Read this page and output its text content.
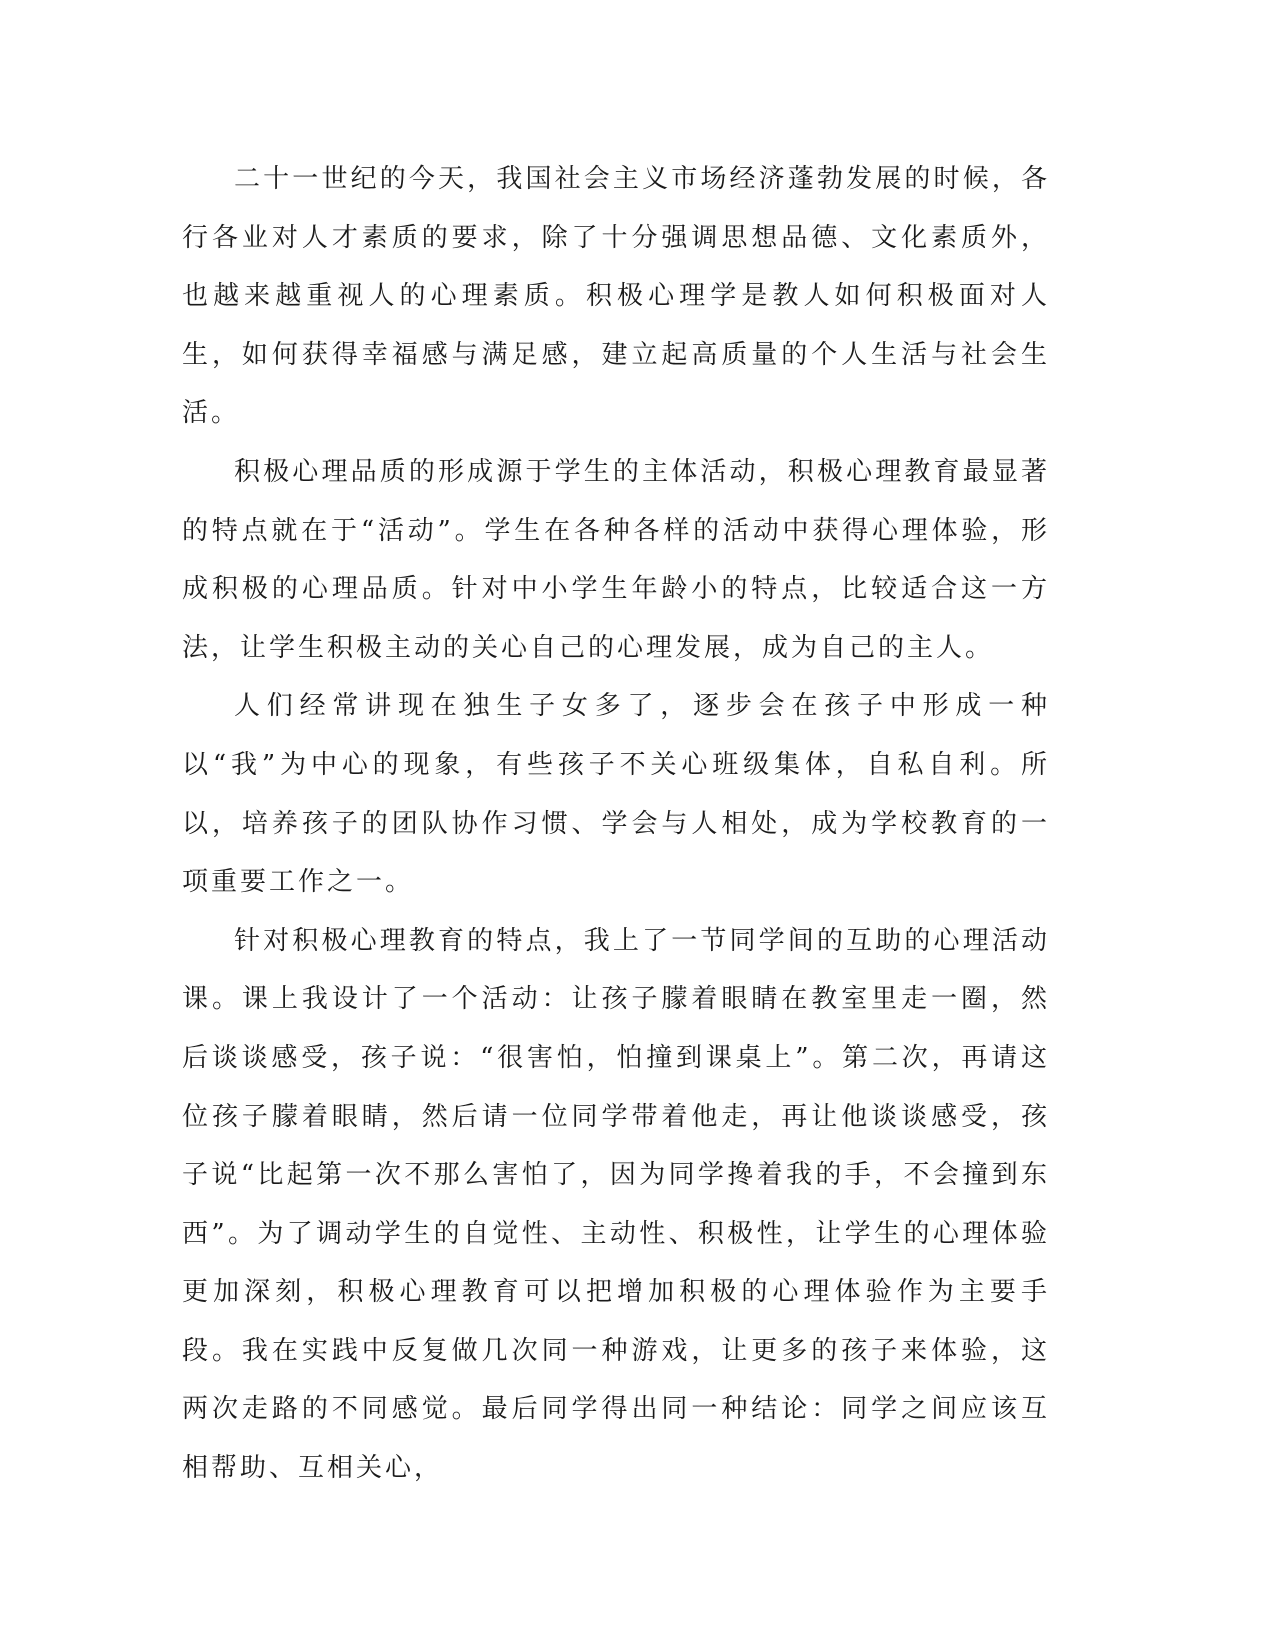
二十一世纪的今天，我国社会主义市场经济蓬勃发展的时候，各行各业对人才素质的要求，除了十分强调思想品德、文化素质外，也越来越重视人的心理素质。积极心理学是教人如何积极面对人生，如何获得幸福感与满足感，建立起高质量的个人生活与社会生活。

积极心理品质的形成源于学生的主体活动，积极心理教育最显著的特点就在于“活动”。学生在各种各样的活动中获得心理体验，形成积极的心理品质。针对中小学生年龄小的特点，比较适合这一方法，让学生积极主动的关心自己的心理发展，成为自己的主人。

人们经常讲现在独生子女多了，逐步会在孩子中形成一种以“我”为中心的现象，有些孩子不关心班级集体，自私自利。所以，培养孩子的团队协作习惯、学会与人相处，成为学校教育的一项重要工作之一。

针对积极心理教育的特点，我上了一节同学间的互助的心理活动课。课上我设计了一个活动：让孩子朦着眼睛在教室里走一圈，然后谈谈感受，孩子说：“很害怕，怕撞到课桌上”。第二次，再请这位孩子朦着眼睛，然后请一位同学带着他走，再让他谈谈感受，孩子说“比起第一次不那么害怕了，因为同学搀着我的手，不会撞到东西”。为了调动学生的自觉性、主动性、积极性，让学生的心理体验更加深刻，积极心理教育可以把增加积极的心理体验作为主要手段。我在实践中反复做几次同一种游戏，让更多的孩子来体验，这两次走路的不同感觉。最后同学得出同一种结论：同学之间应该互相帮助、互相关心，
